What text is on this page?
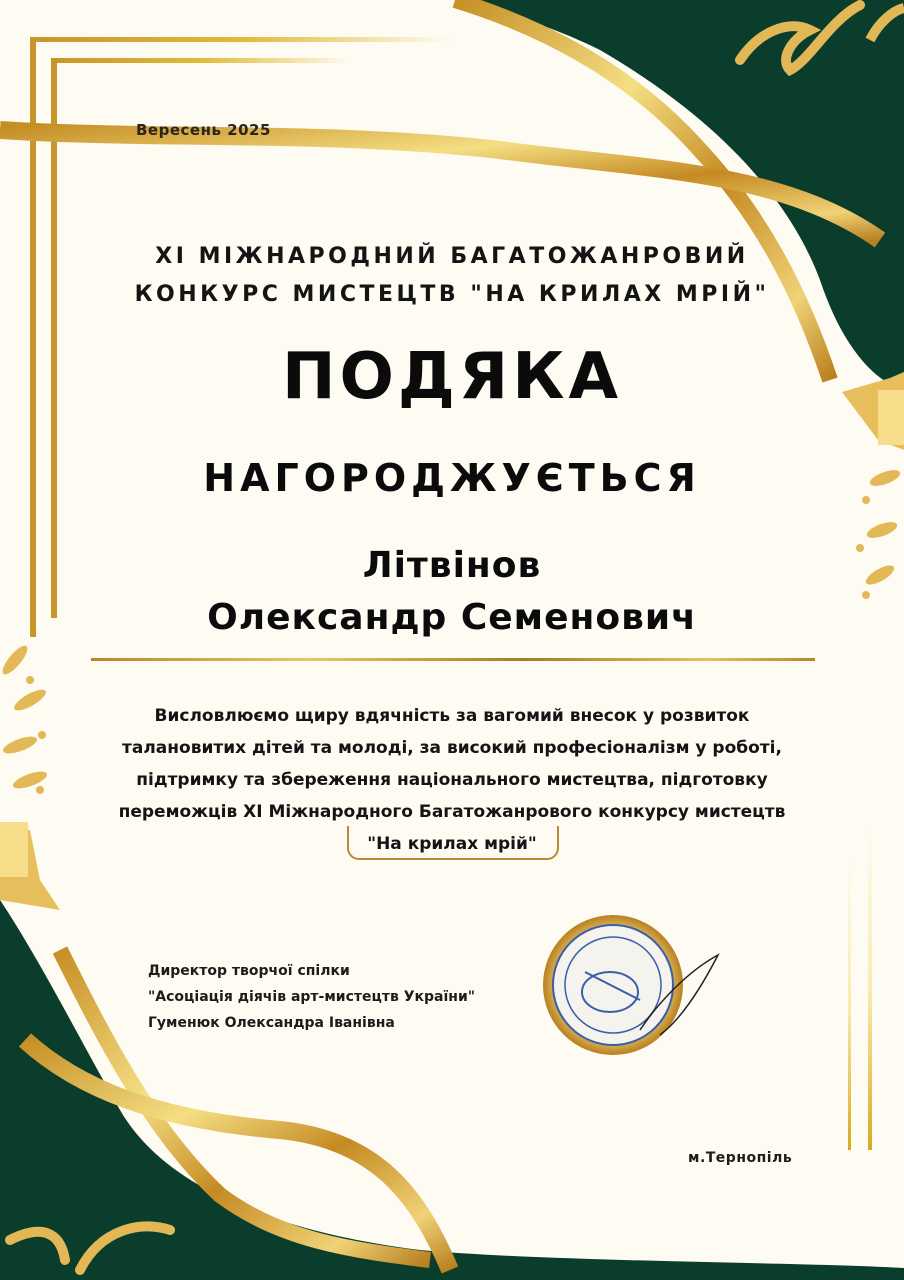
Вересень 2025
XI МІЖНАРОДНИЙ БАГАТОЖАНРОВИЙ
КОНКУРС МИСТЕЦТВ "НА КРИЛАХ МРІЙ"
ПОДЯКА
НАГОРОДЖУЄТЬСЯ
Літвінов
Олександр Семенович
Висловлюємо щиру вдячність за вагомий внесок у розвиток
талановитих дітей та молоді, за високий професіоналізм у роботі,
підтримку та збереження національного мистецтва, підготовку
переможців XI Міжнародного Багатожанрового конкурсу мистецтв
"На крилах мрій"
Директор творчої спілки
"Асоціація діячів арт-мистецтв України"
Гуменюк Олександра Іванівна
м.Тернопіль
